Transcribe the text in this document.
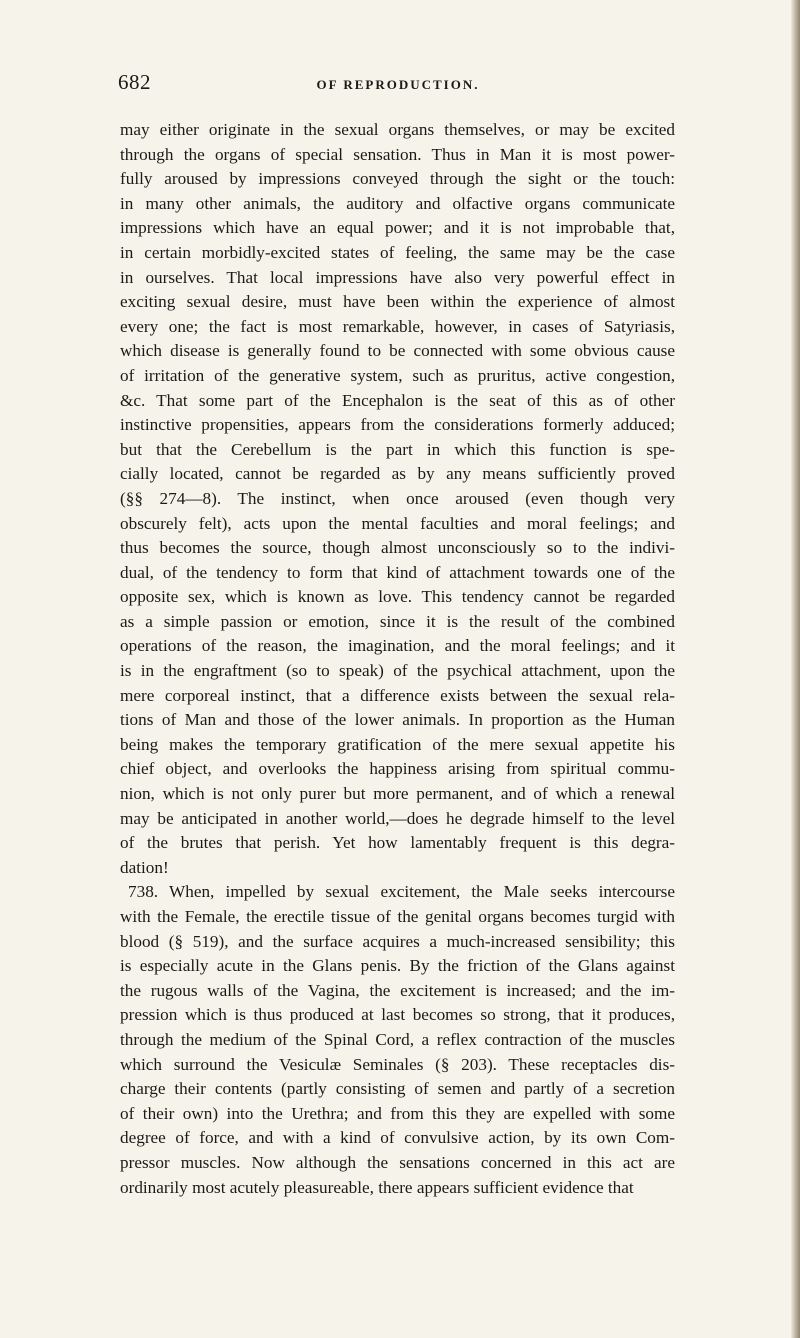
682	OF REPRODUCTION.
may either originate in the sexual organs themselves, or may be excited
through the organs of special sensation. Thus in Man it is most power-
fully aroused by impressions conveyed through the sight or the touch:
in many other animals, the auditory and olfactive organs communicate
impressions which have an equal power; and it is not improbable that,
in certain morbidly-excited states of feeling, the same may be the case
in ourselves. That local impressions have also very powerful effect in
exciting sexual desire, must have been within the experience of almost
every one; the fact is most remarkable, however, in cases of Satyriasis,
which disease is generally found to be connected with some obvious cause
of irritation of the generative system, such as pruritus, active congestion,
&c. That some part of the Encephalon is the seat of this as of other
instinctive propensities, appears from the considerations formerly adduced;
but that the Cerebellum is the part in which this function is spe-
cially located, cannot be regarded as by any means sufficiently proved
(§§ 274—8). The instinct, when once aroused (even though very
obscurely felt), acts upon the mental faculties and moral feelings; and
thus becomes the source, though almost unconsciously so to the indivi-
dual, of the tendency to form that kind of attachment towards one of the
opposite sex, which is known as love. This tendency cannot be regarded
as a simple passion or emotion, since it is the result of the combined
operations of the reason, the imagination, and the moral feelings; and it
is in the engraftment (so to speak) of the psychical attachment, upon the
mere corporeal instinct, that a difference exists between the sexual rela-
tions of Man and those of the lower animals. In proportion as the Human
being makes the temporary gratification of the mere sexual appetite his
chief object, and overlooks the happiness arising from spiritual commu-
nion, which is not only purer but more permanent, and of which a renewal
may be anticipated in another world,—does he degrade himself to the level
of the brutes that perish. Yet how lamentably frequent is this degra-
dation!
738. When, impelled by sexual excitement, the Male seeks intercourse
with the Female, the erectile tissue of the genital organs becomes turgid with
blood (§ 519), and the surface acquires a much-increased sensibility; this
is especially acute in the Glans penis. By the friction of the Glans against
the rugous walls of the Vagina, the excitement is increased; and the im-
pression which is thus produced at last becomes so strong, that it produces,
through the medium of the Spinal Cord, a reflex contraction of the muscles
which surround the Vesiculæ Seminales (§ 203). These receptacles dis-
charge their contents (partly consisting of semen and partly of a secretion
of their own) into the Urethra; and from this they are expelled with some
degree of force, and with a kind of convulsive action, by its own Com-
pressor muscles. Now although the sensations concerned in this act are
ordinarily most acutely pleasureable, there appears sufficient evidence that
